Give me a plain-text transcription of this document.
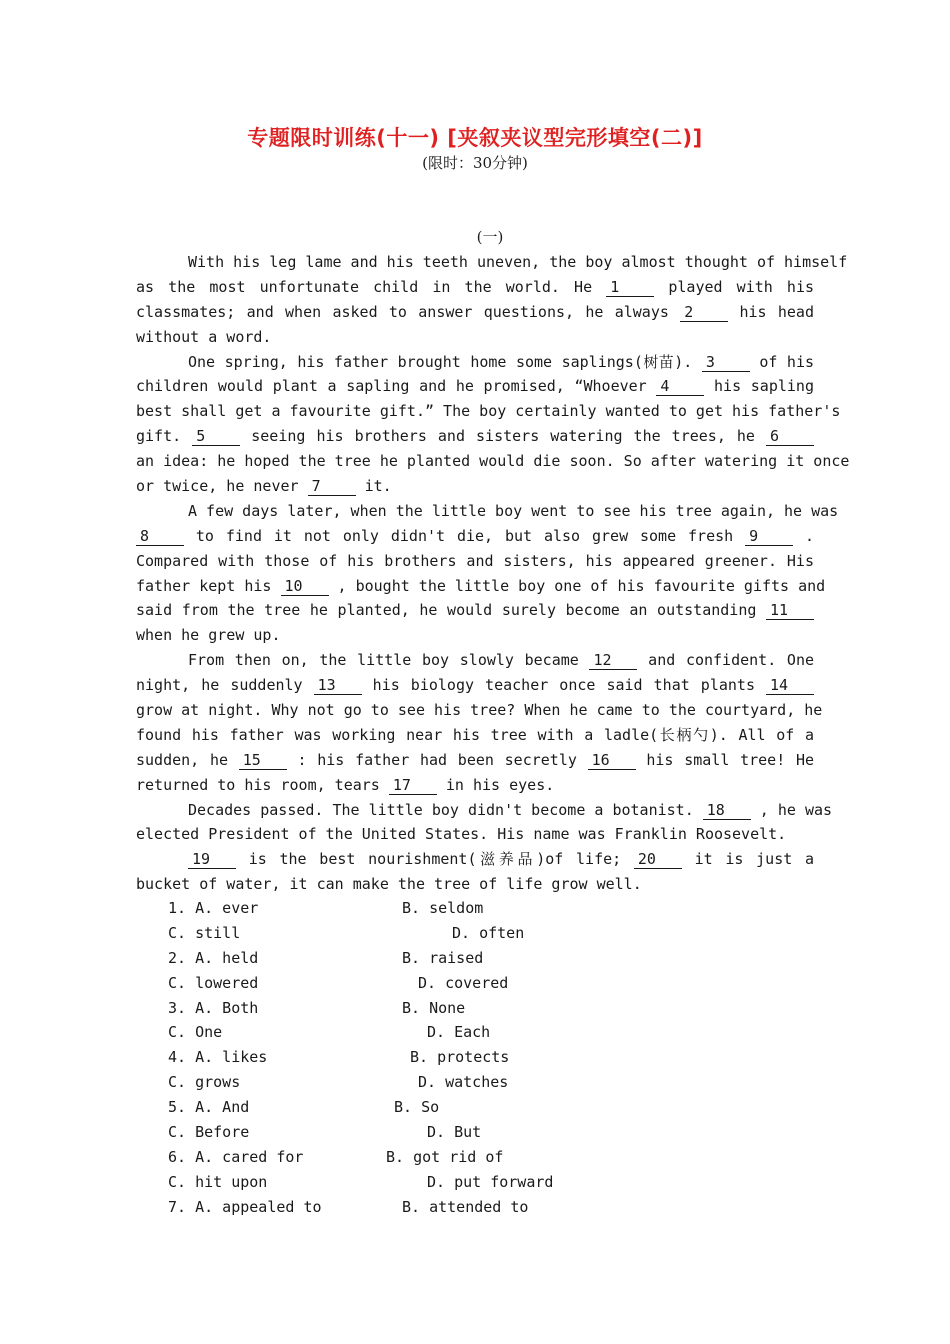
专题限时训练(十一) [夹叙夹议型完形填空(二)]
(限时：30分钟)
(一)
With his leg lame and his teeth uneven, the boy almost thought of himself
as the most unfortunate child in the world. He 1	played with his
classmates; and when asked to answer questions, he always 2	his head
without a word.
One spring, his father brought home some saplings(树苗). 3	of his
children would plant a sapling and he promised, “Whoever 4	his sapling
best shall get a favourite gift.” The boy certainly wanted to get his father's
gift. 5	seeing his brothers and sisters watering the trees, he 6
an idea: he hoped the tree he planted would die soon. So after watering it once
or twice, he never 7	it.
A few days later, when the little boy went to see his tree again, he was
8	to find it not only didn't die, but also grew some fresh 9	.
Compared with those of his brothers and sisters, his appeared greener. His
father kept his 10 , bought the little boy one of his favourite gifts and
said from the tree he planted, he would surely become an outstanding 11
when he grew up.
From then on, the little boy slowly became 12 and confident. One
night, he suddenly 13 his biology teacher once said that plants 14
grow at night. Why not go to see his tree? When he came to the courtyard, he
found his father was working near his tree with a ladle(长柄勺). All of a
sudden, he 15 : his father had been secretly 16 his small tree! He
returned to his room, tears 17 in his eyes.
Decades passed. The little boy didn't become a botanist. 18 , he was
elected President of the United States. His name was Franklin Roosevelt.
19	is the best nourishment(滋养品)of life; 20	it is just a
bucket of water, it can make the tree of life grow well.
1. A. ever	B. seldom
C. still	D. often
2. A. held	B. raised
C. lowered	D. covered
3. A. Both	B. None
C. One	D. Each
4. A. likes	B. protects
C. grows	D. watches
5. A. And	B. So
C. Before	D. But
6. A. cared for	B. got rid of
C. hit upon	D. put forward
7. A. appealed to	B. attended to
